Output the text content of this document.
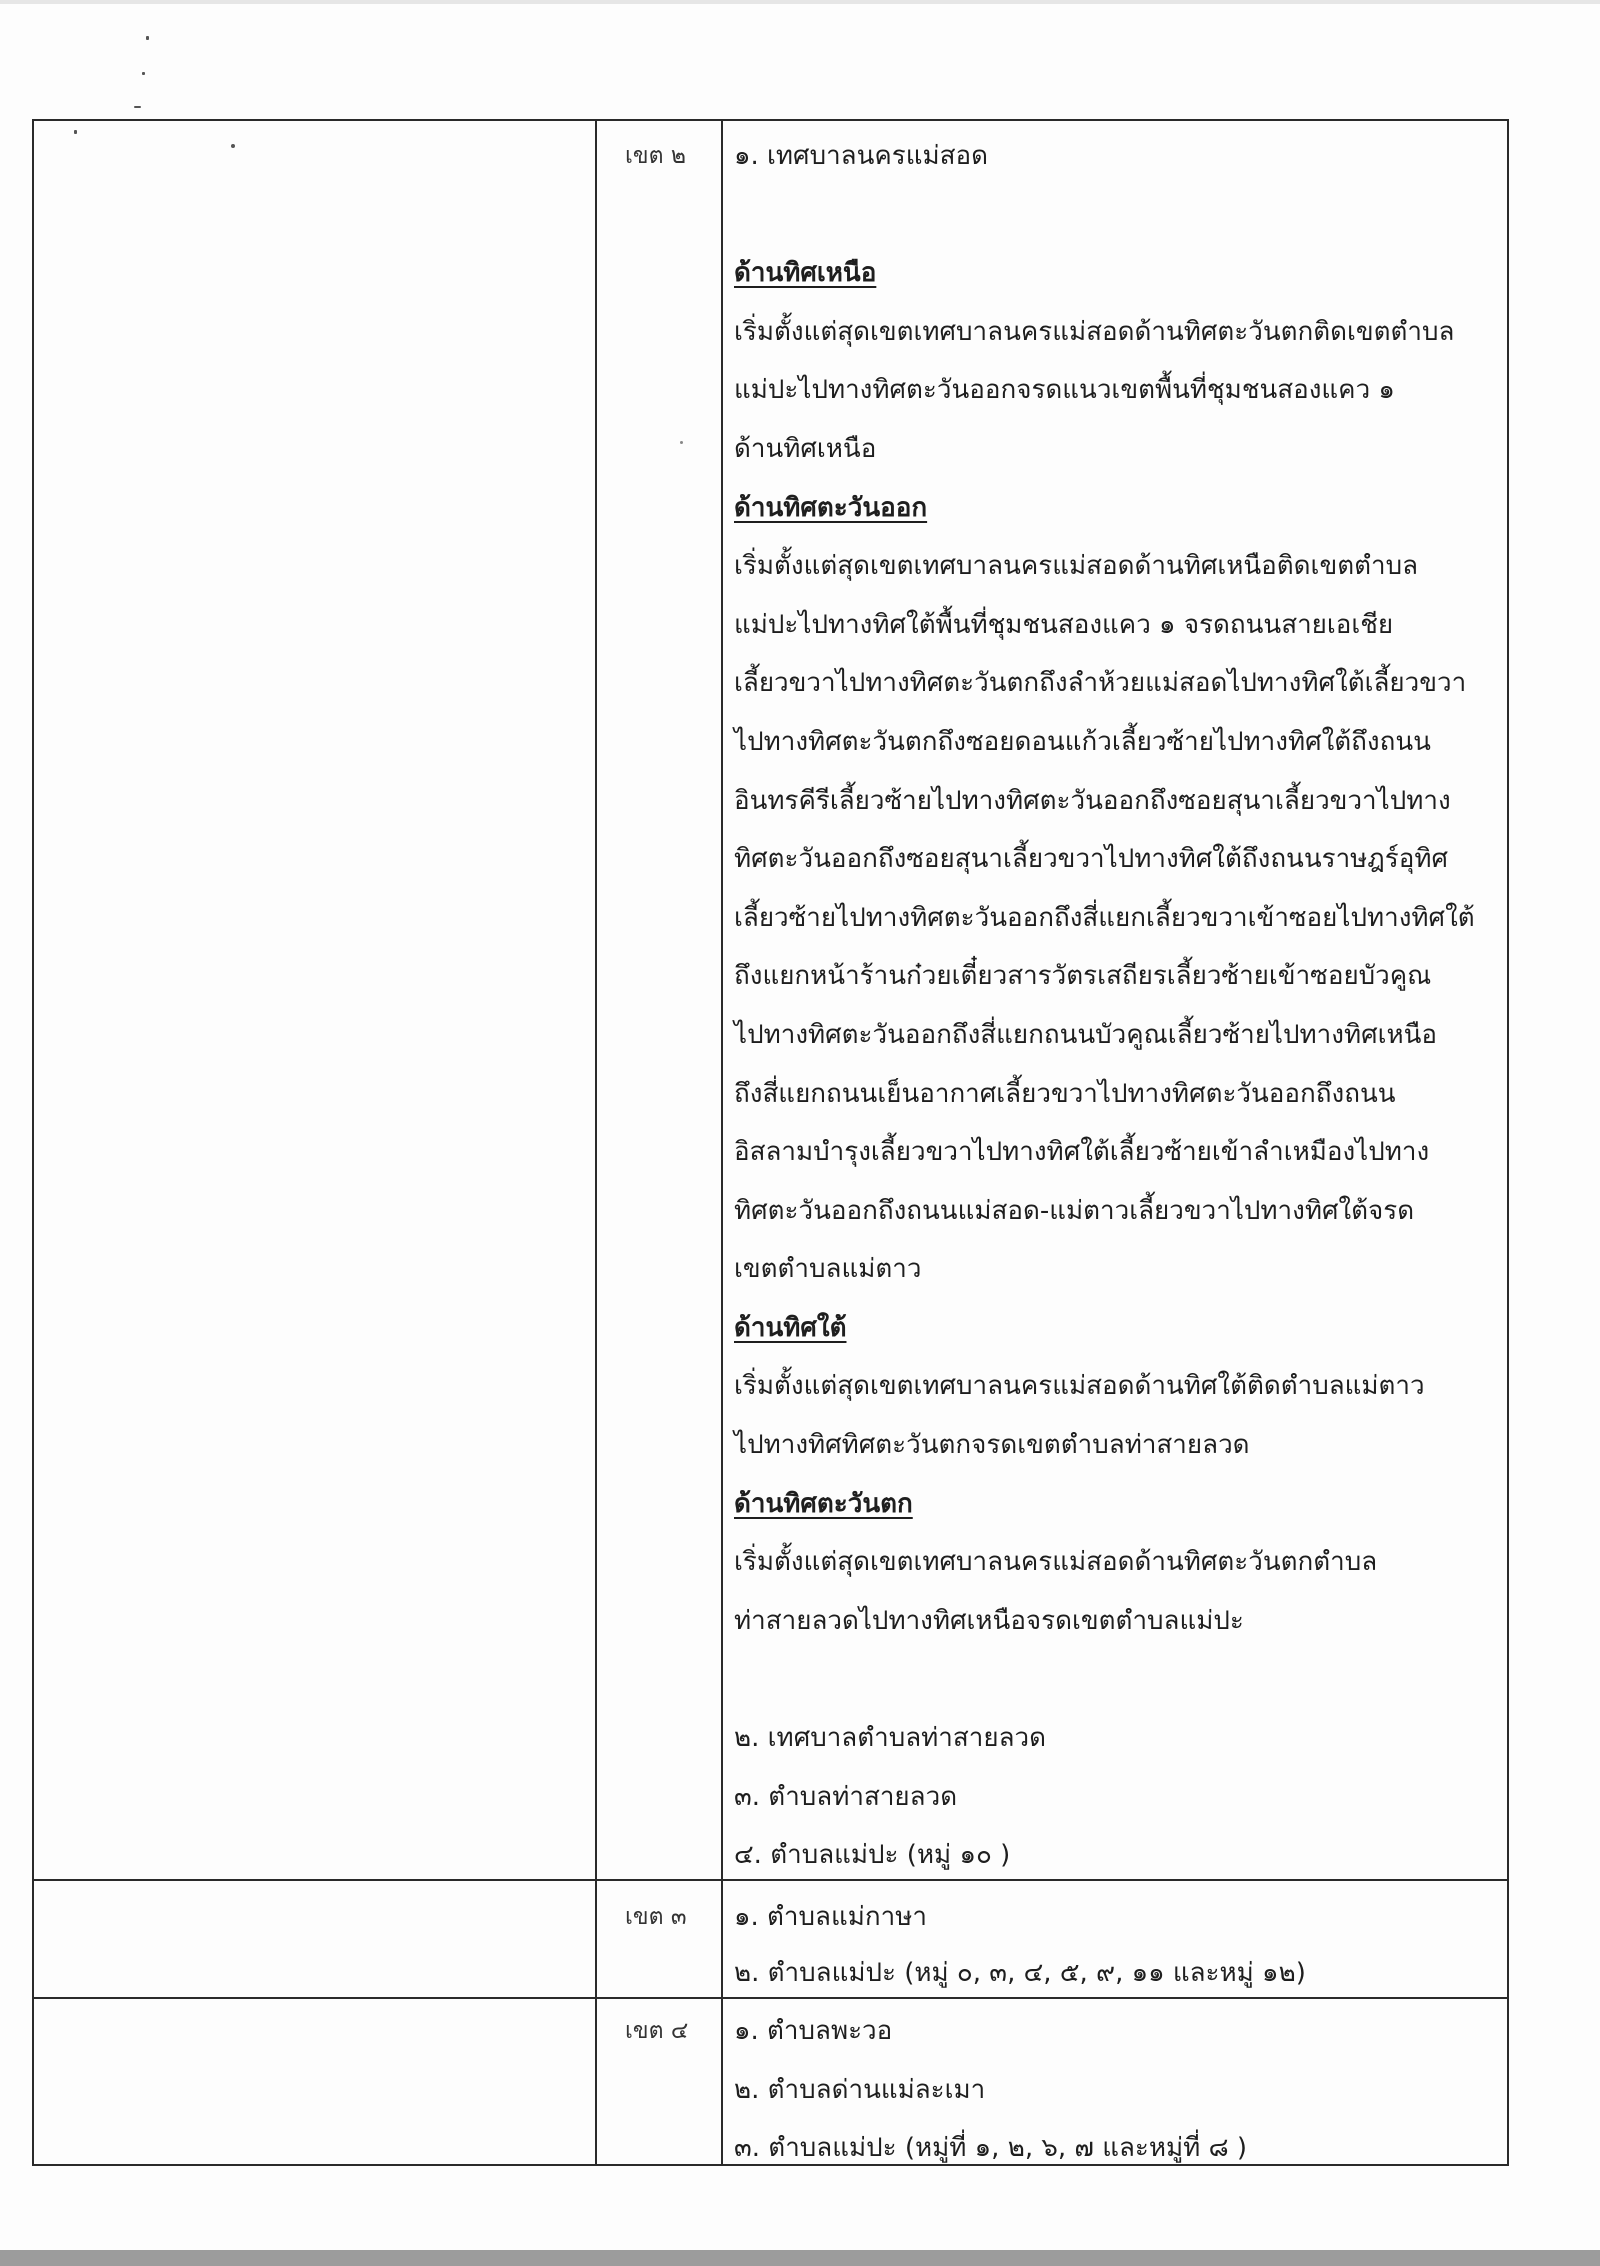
เขต ๒	๑. เทศบาลนครแม่สอด
ด้านทิศเหนือ
เริ่มตั้งแต่สุดเขตเทศบาลนครแม่สอดด้านทิศตะวันตกติดเขตตำบล
แม่ปะไปทางทิศตะวันออกจรดแนวเขตพื้นที่ชุมชนสองแคว ๑
ด้านทิศเหนือ
ด้านทิศตะวันออก
เริ่มตั้งแต่สุดเขตเทศบาลนครแม่สอดด้านทิศเหนือติดเขตตำบล
แม่ปะไปทางทิศใต้พื้นที่ชุมชนสองแคว ๑ จรดถนนสายเอเชีย
เลี้ยวขวาไปทางทิศตะวันตกถึงลำห้วยแม่สอดไปทางทิศใต้เลี้ยวขวา
ไปทางทิศตะวันตกถึงซอยดอนแก้วเลี้ยวซ้ายไปทางทิศใต้ถึงถนน
อินทรคีรีเลี้ยวซ้ายไปทางทิศตะวันออกถึงซอยสุนาเลี้ยวขวาไปทาง
ทิศตะวันออกถึงซอยสุนาเลี้ยวขวาไปทางทิศใต้ถึงถนนราษฎร์อุทิศ
เลี้ยวซ้ายไปทางทิศตะวันออกถึงสี่แยกเลี้ยวขวาเข้าซอยไปทางทิศใต้
ถึงแยกหน้าร้านก๋วยเตี๋ยวสารวัตรเสถียรเลี้ยวซ้ายเข้าซอยบัวคูณ
ไปทางทิศตะวันออกถึงสี่แยกถนนบัวคูณเลี้ยวซ้ายไปทางทิศเหนือ
ถึงสี่แยกถนนเย็นอากาศเลี้ยวขวาไปทางทิศตะวันออกถึงถนน
อิสลามบำรุงเลี้ยวขวาไปทางทิศใต้เลี้ยวซ้ายเข้าลำเหมืองไปทาง
ทิศตะวันออกถึงถนนแม่สอด-แม่ตาวเลี้ยวขวาไปทางทิศใต้จรด
เขตตำบลแม่ตาว
ด้านทิศใต้
เริ่มตั้งแต่สุดเขตเทศบาลนครแม่สอดด้านทิศใต้ติดตำบลแม่ตาว
ไปทางทิศทิศตะวันตกจรดเขตตำบลท่าสายลวด
ด้านทิศตะวันตก
เริ่มตั้งแต่สุดเขตเทศบาลนครแม่สอดด้านทิศตะวันตกตำบล
ท่าสายลวดไปทางทิศเหนือจรดเขตตำบลแม่ปะ
๒. เทศบาลตำบลท่าสายลวด
๓. ตำบลท่าสายลวด
๔. ตำบลแม่ปะ (หมู่ ๑๐ )
เขต ๓	๑. ตำบลแม่กาษา
๒. ตำบลแม่ปะ (หมู่ ๐, ๓, ๔, ๕, ๙, ๑๑ และหมู่ ๑๒)
เขต ๔	๑. ตำบลพะวอ
๒. ตำบลด่านแม่ละเมา
๓. ตำบลแม่ปะ (หมู่ที่ ๑, ๒, ๖, ๗ และหมู่ที่ ๘ )
